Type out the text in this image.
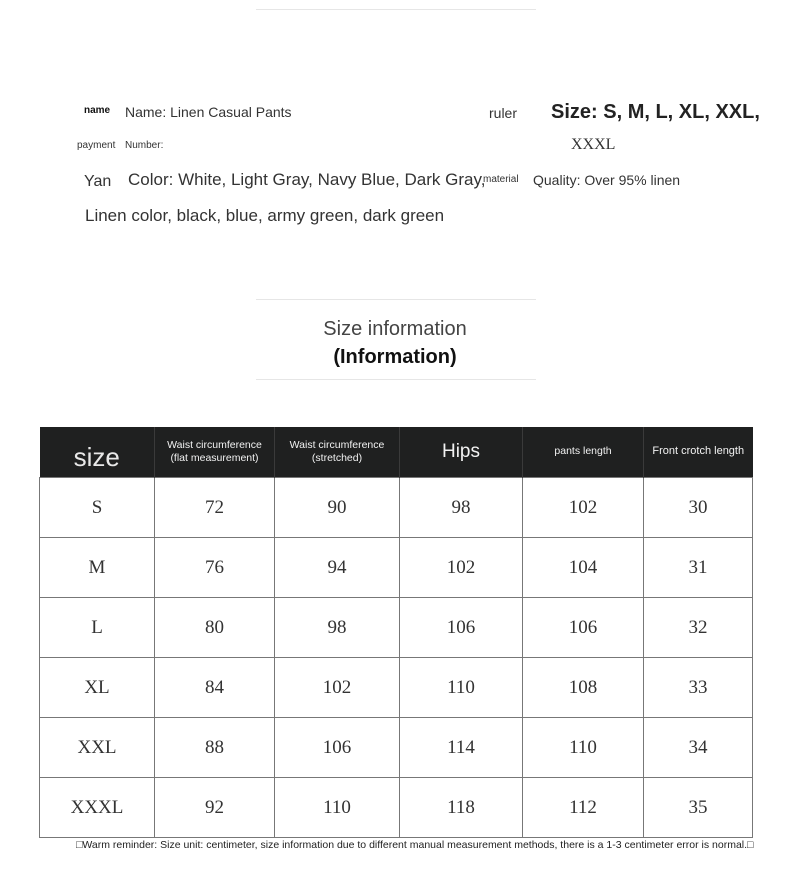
name Name: Linen Casual Pants
payment Number:
Yan Color: White, Light Gray, Navy Blue, Dark Gray,
Linen color, black, blue, army green, dark green
ruler Size: S, M, L, XL, XXL,
XXXL
material Quality: Over 95% linen
Size information
(Information)
size	Waist circumference (flat measurement)	Waist circumference (stretched)	Hips	pants length	Front crotch length
S	72	90	98	102	30
M	76	94	102	104	31
L	80	98	106	106	32
XL	84	102	110	108	33
XXL	88	106	114	110	34
XXXL	92	110	118	112	35
□Warm reminder: Size unit: centimeter, size information due to different manual measurement methods, there is a 1-3 centimeter error is normal.□
